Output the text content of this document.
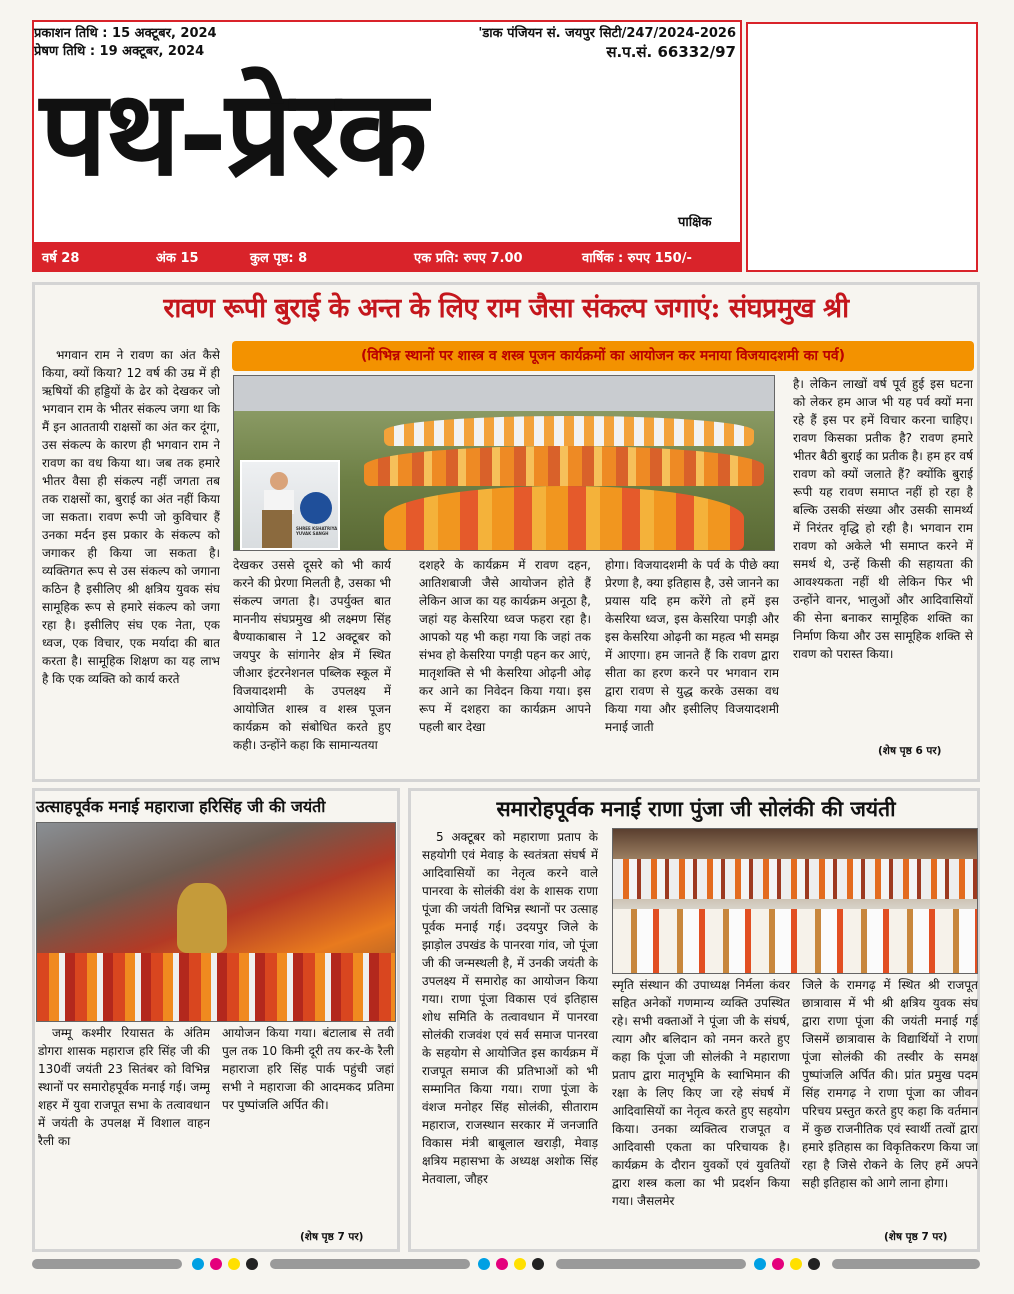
प्रकाशन तिथि : 15 अक्टूबर, 2024
प्रेषण तिथि : 19 अक्टूबर, 2024
'डाक पंजियन सं. जयपुर सिटी/247/2024-2026
स.प.सं. 66332/97
पथ-प्रेरक
पाक्षिक
वर्ष 28	अंक 15	कुल पृष्ठ: 8	एक प्रति: रुपए 7.00	वार्षिक : रुपए 150/-
रावण रूपी बुराई के अन्त के लिए राम जैसा संकल्प जगाएं: संघप्रमुख श्री
(विभिन्न स्थानों पर शास्त्र व शस्त्र पूजन कार्यक्रमों का आयोजन कर मनाया विजयादशमी का पर्व)

भगवान राम ने रावण का अंत कैसे किया, क्यों किया? 12 वर्ष की उम्र में ही ऋषियों की हड्डियों के ढेर को देखकर जो भगवान राम के भीतर संकल्प जगा था कि मैं इन आततायी राक्षसों का अंत कर दूंगा, उस संकल्प के कारण ही भगवान राम ने रावण का वध किया था। जब तक हमारे भीतर वैसा ही संकल्प नहीं जगता तब तक राक्षसों का, बुराई का अंत नहीं किया जा सकता। रावण रूपी जो कुविचार हैं उनका मर्दन इस प्रकार के संकल्प को जगाकर ही किया जा सकता है। व्यक्तिगत रूप से उस संकल्प को जगाना कठिन है इसीलिए श्री क्षत्रिय युवक संघ सामूहिक रूप से हमारे संकल्प को जगा रहा है। इसीलिए संघ एक नेता, एक ध्वज, एक विचार, एक मर्यादा की बात करता है। सामूहिक शिक्षण का यह लाभ है कि एक व्यक्ति को कार्य करते

SHREE KSHATRIYA YUVAK SANGH

देखकर उससे दूसरे को भी कार्य करने की प्रेरणा मिलती है, उसका भी संकल्प जगता है। उपर्युक्त बात माननीय संघप्रमुख श्री लक्ष्मण सिंह बैण्याकाबास ने 12 अक्टूबर को जयपुर के सांगानेर क्षेत्र में स्थित जीआर इंटरनेशनल पब्लिक स्कूल में विजयादशमी के उपलक्ष्य में आयोजित शास्त्र व शस्त्र पूजन कार्यक्रम को संबोधित करते हुए कही। उन्होंने कहा कि सामान्यतया

दशहरे के कार्यक्रम में रावण दहन, आतिशबाजी जैसे आयोजन होते हैं लेकिन आज का यह कार्यक्रम अनूठा है, जहां यह केसरिया ध्वज फहरा रहा है। आपको यह भी कहा गया कि जहां तक संभव हो केसरिया पगड़ी पहन कर आएं, मातृशक्ति से भी केसरिया ओढ़नी ओढ़ कर आने का निवेदन किया गया। इस रूप में दशहरा का कार्यक्रम आपने पहली बार देखा

होगा। विजयादशमी के पर्व के पीछे क्या प्रेरणा है, क्या इतिहास है, उसे जानने का प्रयास यदि हम करेंगे तो हमें इस केसरिया ध्वज, इस केसरिया पगड़ी और इस केसरिया ओढ़नी का महत्व भी समझ में आएगा। हम जानते हैं कि रावण द्वारा सीता का हरण करने पर भगवान राम द्वारा रावण से युद्ध करके उसका वध किया गया और इसीलिए विजयादशमी मनाई जाती

है। लेकिन लाखों वर्ष पूर्व हुई इस घटना को लेकर हम आज भी यह पर्व क्यों मना रहे हैं इस पर हमें विचार करना चाहिए। रावण किसका प्रतीक है? रावण हमारे भीतर बैठी बुराई का प्रतीक है। हम हर वर्ष रावण को क्यों जलाते हैं? क्योंकि बुराई रूपी यह रावण समाप्त नहीं हो रहा है बल्कि उसकी संख्या और उसकी सामर्थ्य में निरंतर वृद्धि हो रही है। भगवान राम रावण को अकेले भी समाप्त करने में समर्थ थे, उन्हें किसी की सहायता की आवश्यकता नहीं थी लेकिन फिर भी उन्होंने वानर, भालुओं और आदिवासियों की सेना बनाकर सामूहिक शक्ति का निर्माण किया और उस सामूहिक शक्ति से रावण को परास्त किया।

(शेष पृष्ठ 6 पर)
उत्साहपूर्वक मनाई महाराजा हरिसिंह जी की जयंती

जम्मू कश्मीर रियासत के अंतिम डोगरा शासक महाराज हरि सिंह जी की 130वीं जयंती 23 सितंबर को विभिन्न स्थानों पर समारोहपूर्वक मनाई गई। जम्मू शहर में युवा राजपूत सभा के तत्वावधान में जयंती के उपलक्ष में विशाल वाहन रैली का

आयोजन किया गया। बंटालाब से तवी पुल तक 10 किमी दूरी तय कर-के रैली महाराजा हरि सिंह पार्क पहुंची जहां सभी ने महाराजा की आदमकद प्रतिमा पर पुष्पांजलि अर्पित की।

(शेष पृष्ठ 7 पर)
समारोहपूर्वक मनाई राणा पुंजा जी सोलंकी की जयंती

5 अक्टूबर को महाराणा प्रताप के सहयोगी एवं मेवाड़ के स्वतंत्रता संघर्ष में आदिवासियों का नेतृत्व करने वाले पानरवा के सोलंकी वंश के शासक राणा पूंजा की जयंती विभिन्न स्थानों पर उत्साह पूर्वक मनाई गई। उदयपुर जिले के झाड़ोल उपखंड के पानरवा गांव, जो पूंजा जी की जन्मस्थली है, में उनकी जयंती के उपलक्ष्य में समारोह का आयोजन किया गया। राणा पूंजा विकास एवं इतिहास शोध समिति के तत्वावधान में पानरवा सोलंकी राजवंश एवं सर्व समाज पानरवा के सहयोग से आयोजित इस कार्यक्रम में राजपूत समाज की प्रतिभाओं को भी सम्मानित किया गया। राणा पूंजा के वंशज मनोहर सिंह सोलंकी, सीताराम महाराज, राजस्थान सरकार में जनजाति विकास मंत्री बाबूलाल खराड़ी, मेवाड़ क्षत्रिय महासभा के अध्यक्ष अशोक सिंह मेतवाला, जौहर

स्मृति संस्थान की उपाध्यक्ष निर्मला कंवर सहित अनेकों गणमान्य व्यक्ति उपस्थित रहे। सभी वक्ताओं ने पूंजा जी के संघर्ष, त्याग और बलिदान को नमन करते हुए कहा कि पूंजा जी सोलंकी ने महाराणा प्रताप द्वारा मातृभूमि के स्वाभिमान की रक्षा के लिए किए जा रहे संघर्ष में आदिवासियों का नेतृत्व करते हुए सहयोग किया। उनका व्यक्तित्व राजपूत व आदिवासी एकता का परिचायक है। कार्यक्रम के दौरान युवकों एवं युवतियों द्वारा शस्त्र कला का भी प्रदर्शन किया गया। जैसलमेर

जिले के रामगढ़ में स्थित श्री राजपूत छात्रावास में भी श्री क्षत्रिय युवक संघ द्वारा राणा पूंजा की जयंती मनाई गई जिसमें छात्रावास के विद्यार्थियों ने राणा पूंजा सोलंकी की तस्वीर के समक्ष पुष्पांजलि अर्पित की। प्रांत प्रमुख पदम सिंह रामगढ़ ने राणा पूंजा का जीवन परिचय प्रस्तुत करते हुए कहा कि वर्तमान में कुछ राजनीतिक एवं स्वार्थी तत्वों द्वारा हमारे इतिहास का विकृतिकरण किया जा रहा है जिसे रोकने के लिए हमें अपने सही इतिहास को आगे लाना होगा।

(शेष पृष्ठ 7 पर)
